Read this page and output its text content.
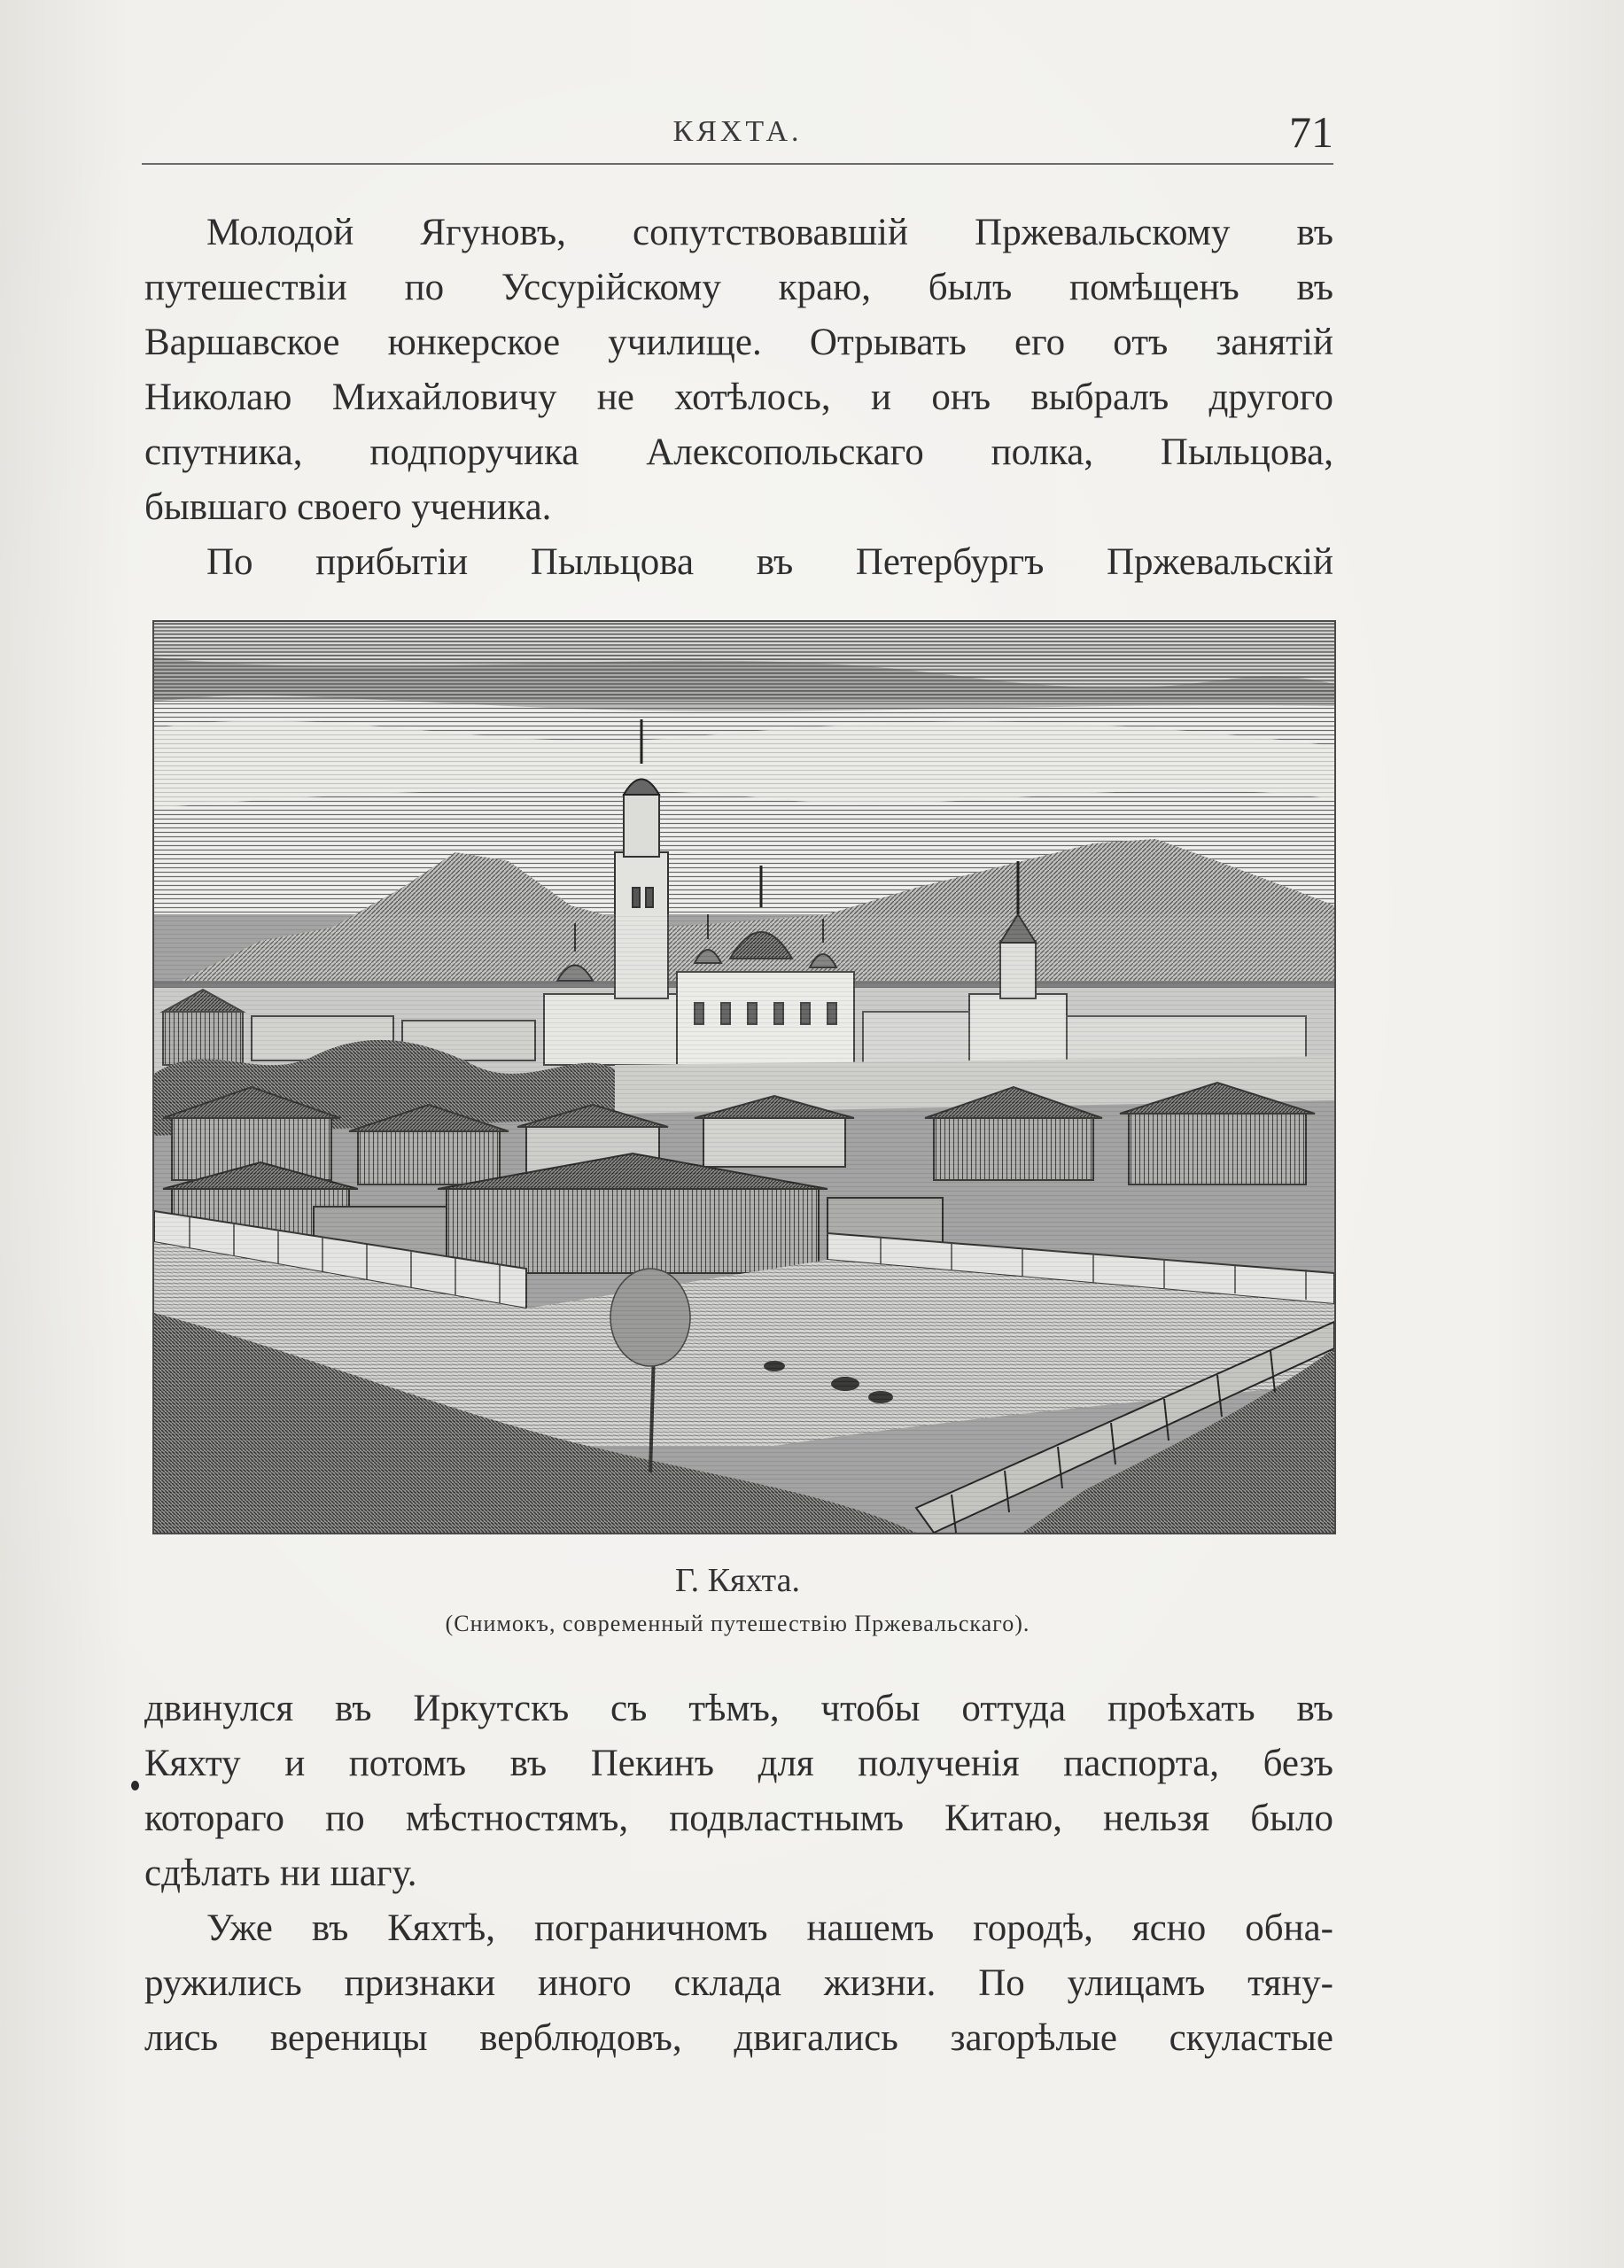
КЯХТА.	71
Молодой Ягуновъ, сопутствовавшій Пржевальскому въ
путешествіи по Уссурійскому краю, былъ помѣщенъ въ
Варшавское юнкерское училище. Отрывать его отъ занятій
Николаю Михайловичу не хотѣлось, и онъ выбралъ другого
спутника, подпоручика Алексопольскаго полка, Пыльцова,
бывшаго своего ученика.
По прибытіи Пыльцова въ Петербургъ Пржевальскій
Г. Кяхта.
(Снимокъ, современный путешествію Пржевальскаго).
двинулся въ Иркутскъ съ тѣмъ, чтобы оттуда проѣхать въ
Кяхту и потомъ въ Пекинъ для полученія паспорта, безъ
котораго по мѣстностямъ, подвластнымъ Китаю, нельзя было
сдѣлать ни шагу.
Уже въ Кяхтѣ, пограничномъ нашемъ городѣ, ясно обна-
ружились признаки иного склада жизни. По улицамъ тяну-
лись вереницы верблюдовъ, двигались загорѣлые скуластые
